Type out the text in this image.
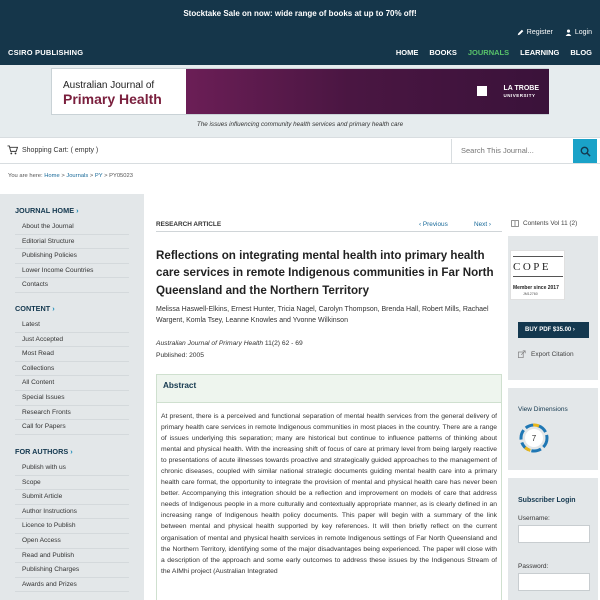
Stocktake Sale on now: wide range of books at up to 70% off!
Register	Login
CSIRO PUBLISHING	HOME BOOKS JOURNALS LEARNING BLOG
Australian Journal of
Primary Health
LA TROBE
UNIVERSITY
The issues influencing community health services and primary health care
Shopping Cart: ( empty )
Search This Journal...
You are here: Home > Journals > PY > PY05023
JOURNAL HOME ›
About the Journal
Editorial Structure
Publishing Policies
Lower Income Countries
Contacts
CONTENT ›
Latest
Just Accepted
Most Read
Collections
All Content
Special Issues
Research Fronts
Call for Papers
FOR AUTHORS ›
Publish with us
Scope
Submit Article
Author Instructions
Licence to Publish
Open Access
Read and Publish
Publishing Charges
Awards and Prizes
RESEARCH ARTICLE	‹ Previous	Next ›
Reflections on integrating mental health into primary health care services in remote Indigenous communities in Far North Queensland and the Northern Territory
Melissa Haswell-Elkins, Ernest Hunter, Tricia Nagel, Carolyn Thompson, Brenda Hall, Robert Mills, Rachael Wargent, Komla Tsey, Leanne Knowles and Yvonne Wilkinson
Australian Journal of Primary Health 11(2) 62 - 69
Published: 2005
Abstract
At present, there is a perceived and functional separation of mental health services from the general delivery of primary health care services in remote Indigenous communities in most places in the country. There are a range of issues underlying this separation; many are historical but continue to influence patterns of thinking about mental and physical health. With the increasing shift of focus of care at primary level from being largely reactive to presentations of acute illnesses towards proactive and strategically guided approaches to the management of chronic diseases, coupled with similar national strategic documents guiding mental health care into a primary health care format, the opportunity to integrate the provision of mental and physical health care has never been better. Accompanying this integration should be a reflection and improvement on models of care that address needs of Indigenous people in a more culturally and contextually appropriate manner, as is clearly defined in an increasing range of Indigenous health policy documents. This paper will begin with a summary of the link between mental and physical health supported by key references. It will then briefly reflect on the current organisation of mental and physical health services in remote Indigenous settings of Far North Queensland and the Northern Territory, identifying some of the major disadvantages being experienced. The paper will close with a description of the approach and some early outcomes to address these issues by the Indigenous Stream of the AIMhi project (Australian Integrated
Contents Vol 11 (2)
COPE
Member since 2017
JM12760
BUY PDF $35.00 ›
Export Citation
View Dimensions
7
Subscriber Login
Username:
Password:
